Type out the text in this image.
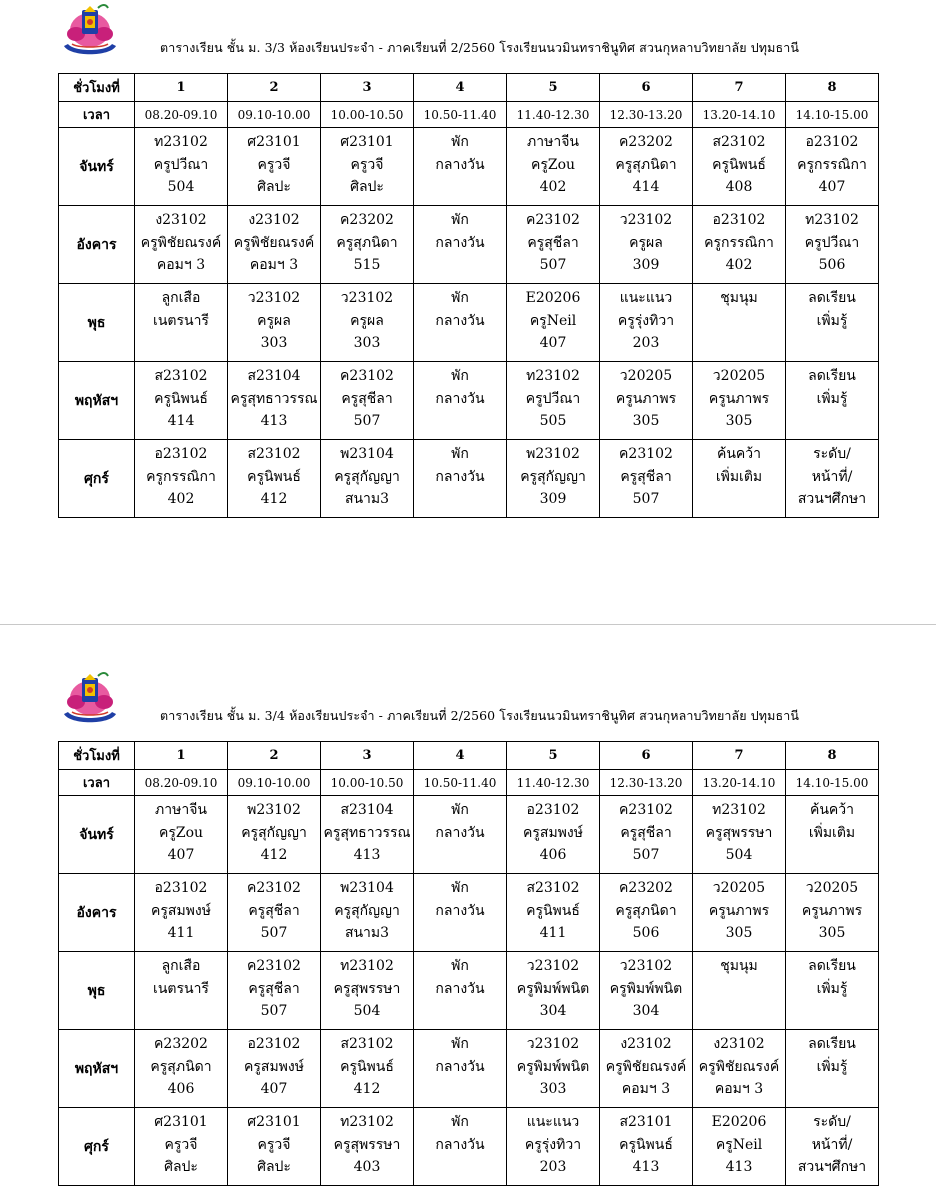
ตารางเรียน ชั้น ม. 3/3 ห้องเรียนประจำ - ภาคเรียนที่ 2/2560 โรงเรียนนวมินทราชินูทิศ สวนกุหลาบวิทยาลัย ปทุมธานี
ชั่วโมงที่	1	2	3	4	5	6	7	8
เวลา	08.20-09.10	09.10-10.00	10.00-10.50	10.50-11.40	11.40-12.30	12.30-13.20	13.20-14.10	14.10-15.00
จันทร์	ท23102
ครูปวีณา
504	ศ23101
ครูวจี
ศิลปะ	ศ23101
ครูวจี
ศิลปะ	พัก
กลางวัน	ภาษาจีน
ครูZou
402	ค23202
ครูสุภนิดา
414	ส23102
ครูนิพนธ์
408	อ23102
ครูกรรณิกา
407

อังคาร	ง23102
ครูพิชัยณรงค์
คอมฯ 3	ง23102
ครูพิชัยณรงค์
คอมฯ 3	ค23202
ครูสุภนิดา
515	พัก
กลางวัน	ค23102
ครูสุชีลา
507	ว23102
ครูผล
309	อ23102
ครูกรรณิกา
402	ท23102
ครูปวีณา
506

พุธ	ลูกเสือ
เนตรนารี	ว23102
ครูผล
303	ว23102
ครูผล
303	พัก
กลางวัน	E20206
ครูNeil
407	แนะแนว
ครูรุ่งทิวา
203	ชุมนุม	ลดเรียน
เพิ่มรู้

พฤหัสฯ	ส23102
ครูนิพนธ์
414	ส23104
ครูสุทธาวรรณ
413	ค23102
ครูสุชีลา
507	พัก
กลางวัน	ท23102
ครูปวีณา
505	ว20205
ครูนภาพร
305	ว20205
ครูนภาพร
305	ลดเรียน
เพิ่มรู้

ศุกร์	อ23102
ครูกรรณิกา
402	ส23102
ครูนิพนธ์
412	พ23104
ครูสุกัญญา
สนาม3	พัก
กลางวัน	พ23102
ครูสุกัญญา
309	ค23102
ครูสุชีลา
507	ค้นคว้า
เพิ่มเติม	ระดับ/
หน้าที่/
สวนฯศึกษา
ตารางเรียน ชั้น ม. 3/4 ห้องเรียนประจำ - ภาคเรียนที่ 2/2560 โรงเรียนนวมินทราชินูทิศ สวนกุหลาบวิทยาลัย ปทุมธานี
ชั่วโมงที่	1	2	3	4	5	6	7	8
เวลา	08.20-09.10	09.10-10.00	10.00-10.50	10.50-11.40	11.40-12.30	12.30-13.20	13.20-14.10	14.10-15.00
จันทร์	ภาษาจีน
ครูZou
407	พ23102
ครูสุกัญญา
412	ส23104
ครูสุทธาวรรณ
413	พัก
กลางวัน	อ23102
ครูสมพงษ์
406	ค23102
ครูสุชีลา
507	ท23102
ครูสุพรรษา
504	ค้นคว้า
เพิ่มเติม

อังคาร	อ23102
ครูสมพงษ์
411	ค23102
ครูสุชีลา
507	พ23104
ครูสุกัญญา
สนาม3	พัก
กลางวัน	ส23102
ครูนิพนธ์
411	ค23202
ครูสุภนิดา
506	ว20205
ครูนภาพร
305	ว20205
ครูนภาพร
305

พุธ	ลูกเสือ
เนตรนารี	ค23102
ครูสุชีลา
507	ท23102
ครูสุพรรษา
504	พัก
กลางวัน	ว23102
ครูพิมพ์พนิต
304	ว23102
ครูพิมพ์พนิต
304	ชุมนุม	ลดเรียน
เพิ่มรู้

พฤหัสฯ	ค23202
ครูสุภนิดา
406	อ23102
ครูสมพงษ์
407	ส23102
ครูนิพนธ์
412	พัก
กลางวัน	ว23102
ครูพิมพ์พนิต
303	ง23102
ครูพิชัยณรงค์
คอมฯ 3	ง23102
ครูพิชัยณรงค์
คอมฯ 3	ลดเรียน
เพิ่มรู้

ศุกร์	ศ23101
ครูวจี
ศิลปะ	ศ23101
ครูวจี
ศิลปะ	ท23102
ครูสุพรรษา
403	พัก
กลางวัน	แนะแนว
ครูรุ่งทิวา
203	ส23101
ครูนิพนธ์
413	E20206
ครูNeil
413	ระดับ/
หน้าที่/
สวนฯศึกษา
